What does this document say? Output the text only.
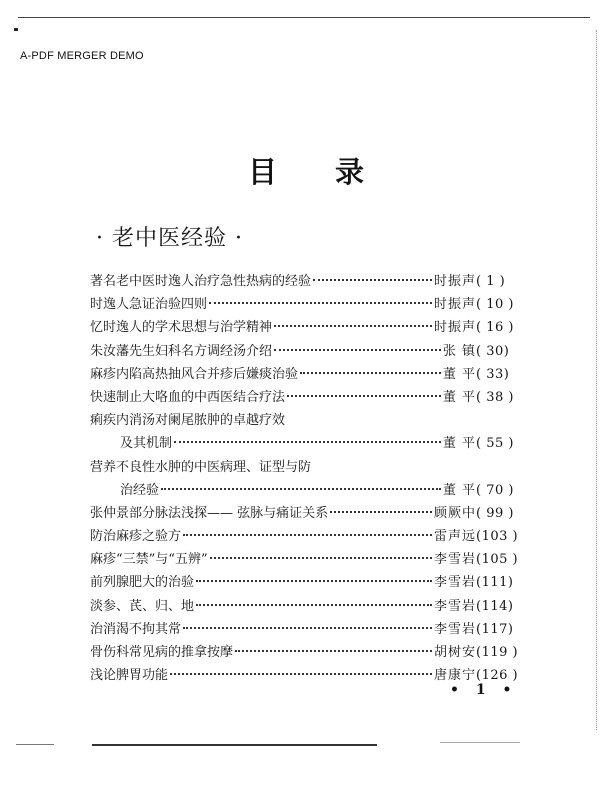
A-PDF MERGER DEMO
目录
· 老中医经验 ·
著名老中医时逸人治疗急性热病的经验	时振声 ( 1 )
时逸人急证治验四则	时振声 ( 10 )
忆时逸人的学术思想与治学精神	时振声 ( 16 )
朱汝藩先生妇科名方调经汤介绍	张 镇 ( 30)
麻疹内陷高热抽风合并疹后嫌痰治验	董 平 ( 33)
快速制止大咯血的中西医结合疗法	董 平 ( 38 )
痢疾内消汤对阑尾脓肿的卓越疗效
及其机制	董 平 ( 55 )
营养不良性水肿的中医病理、证型与防
治经验	董 平 ( 70 )
张仲景部分脉法浅探—— 弦脉与痛证关系	顾厥中 ( 99 )
防治麻疹之验方	雷声远 (103 )
麻疹“三禁”与“五辨”	李雪岩 (105 )
前列腺肥大的治验	李雪岩 (111)
淡参、芪、归、地	李雪岩 (114)
治消渴不拘其常	李雪岩 (117)
骨伤科常见病的推拿按摩	胡树安 (119 )
浅论脾胃功能	唐康宁 (126 )
• 1 •
